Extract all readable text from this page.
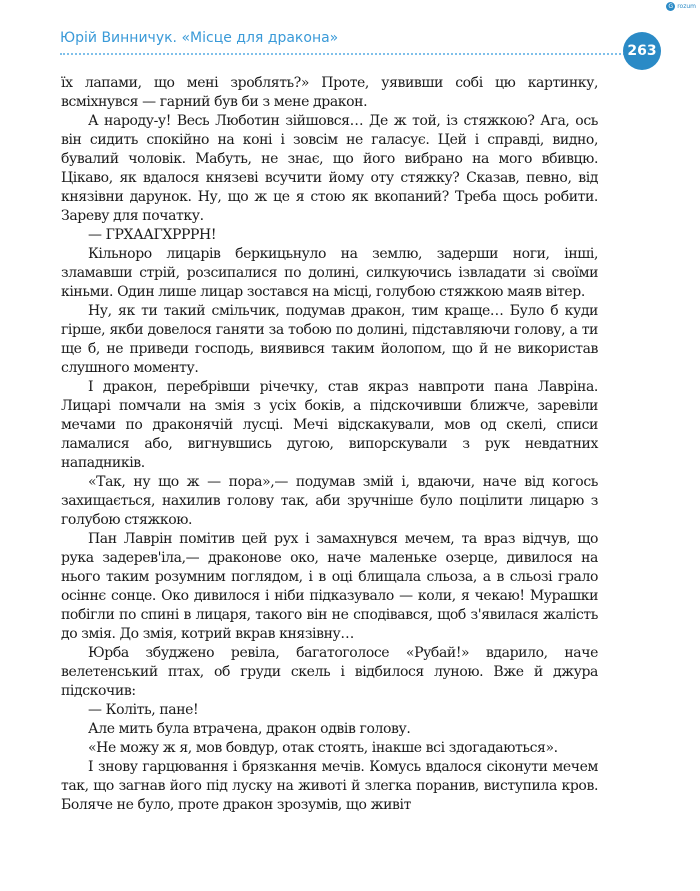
G rozum
Юрій Винничук. «Місце для дракона»
263

їх лапами, що мені зроблять?» Проте, уявивши собі цю картинку, всміхнувся — гарний був би з мене дракон.

А народу-у! Весь Люботин зійшовся… Де ж той, із стяжкою? Ага, ось він сидить спокійно на коні і зовсім не галасує. Цей і справді, видно, бувалий чоловік. Мабуть, не знає, що його вибрано на мого вбивцю. Цікаво, як вдалося князеві всучити йому оту стяжку? Сказав, певно, від князівни дарунок. Ну, що ж це я стою як вкопаний? Треба щось робити. Зареву для початку.

— ГРХААГХРРРН!

Кільноро лицарів беркицьнуло на землю, задерши ноги, інші, зламавши стрій, розсипалися по долині, силкуючись ізвладати зі своїми кіньми. Один лише лицар зостався на місці, голубою стяжкою маяв вітер.

Ну, як ти такий смільчик, подумав дракон, тим краще… Було б куди гірше, якби довелося ганяти за тобою по долині, підставляючи голову, а ти ще б, не приведи господь, виявився таким йолопом, що й не використав слушного моменту.

І дракон, перебрівши річечку, став якраз навпроти пана Лавріна. Лицарі помчали на змія з усіх боків, а підскочивши ближче, заревіли мечами по драконячій лусці. Мечі відскакували, мов од скелі, списи ламалися або, вигнувшись дугою, випорскували з рук невдатних нападників.

«Так, ну що ж — пора»,— подумав змій і, вдаючи, наче від когось захищається, нахилив голову так, аби зручніше було поцілити лицарю з голубою стяжкою.

Пан Лаврін помітив цей рух і замахнувся мечем, та враз відчув, що рука задерев'іла,— драконове око, наче маленьке озерце, дивилося на нього таким розумним поглядом, і в оці блищала сльоза, а в сльозі грало осіннє сонце. Око дивилося і ніби підказувало — коли, я чекаю! Мурашки побігли по спині в лицаря, такого він не сподівався, щоб з'явилася жалість до змія. До змія, котрий вкрав князівну…

Юрба збуджено ревіла, багатоголосе «Рубай!» вдарило, наче велетенський птах, об груди скель і відбилося луною. Вже й джура підскочив:

— Коліть, пане!

Але мить була втрачена, дракон одвів голову.

«Не можу ж я, мов бовдур, отак стоять, інакше всі здогадаються».

І знову гарцювання і брязкання мечів. Комусь вдалося сіконути мечем так, що загнав його під луску на животі й злегка поранив, виступила кров. Боляче не було, проте дракон зрозумів, що живіт
